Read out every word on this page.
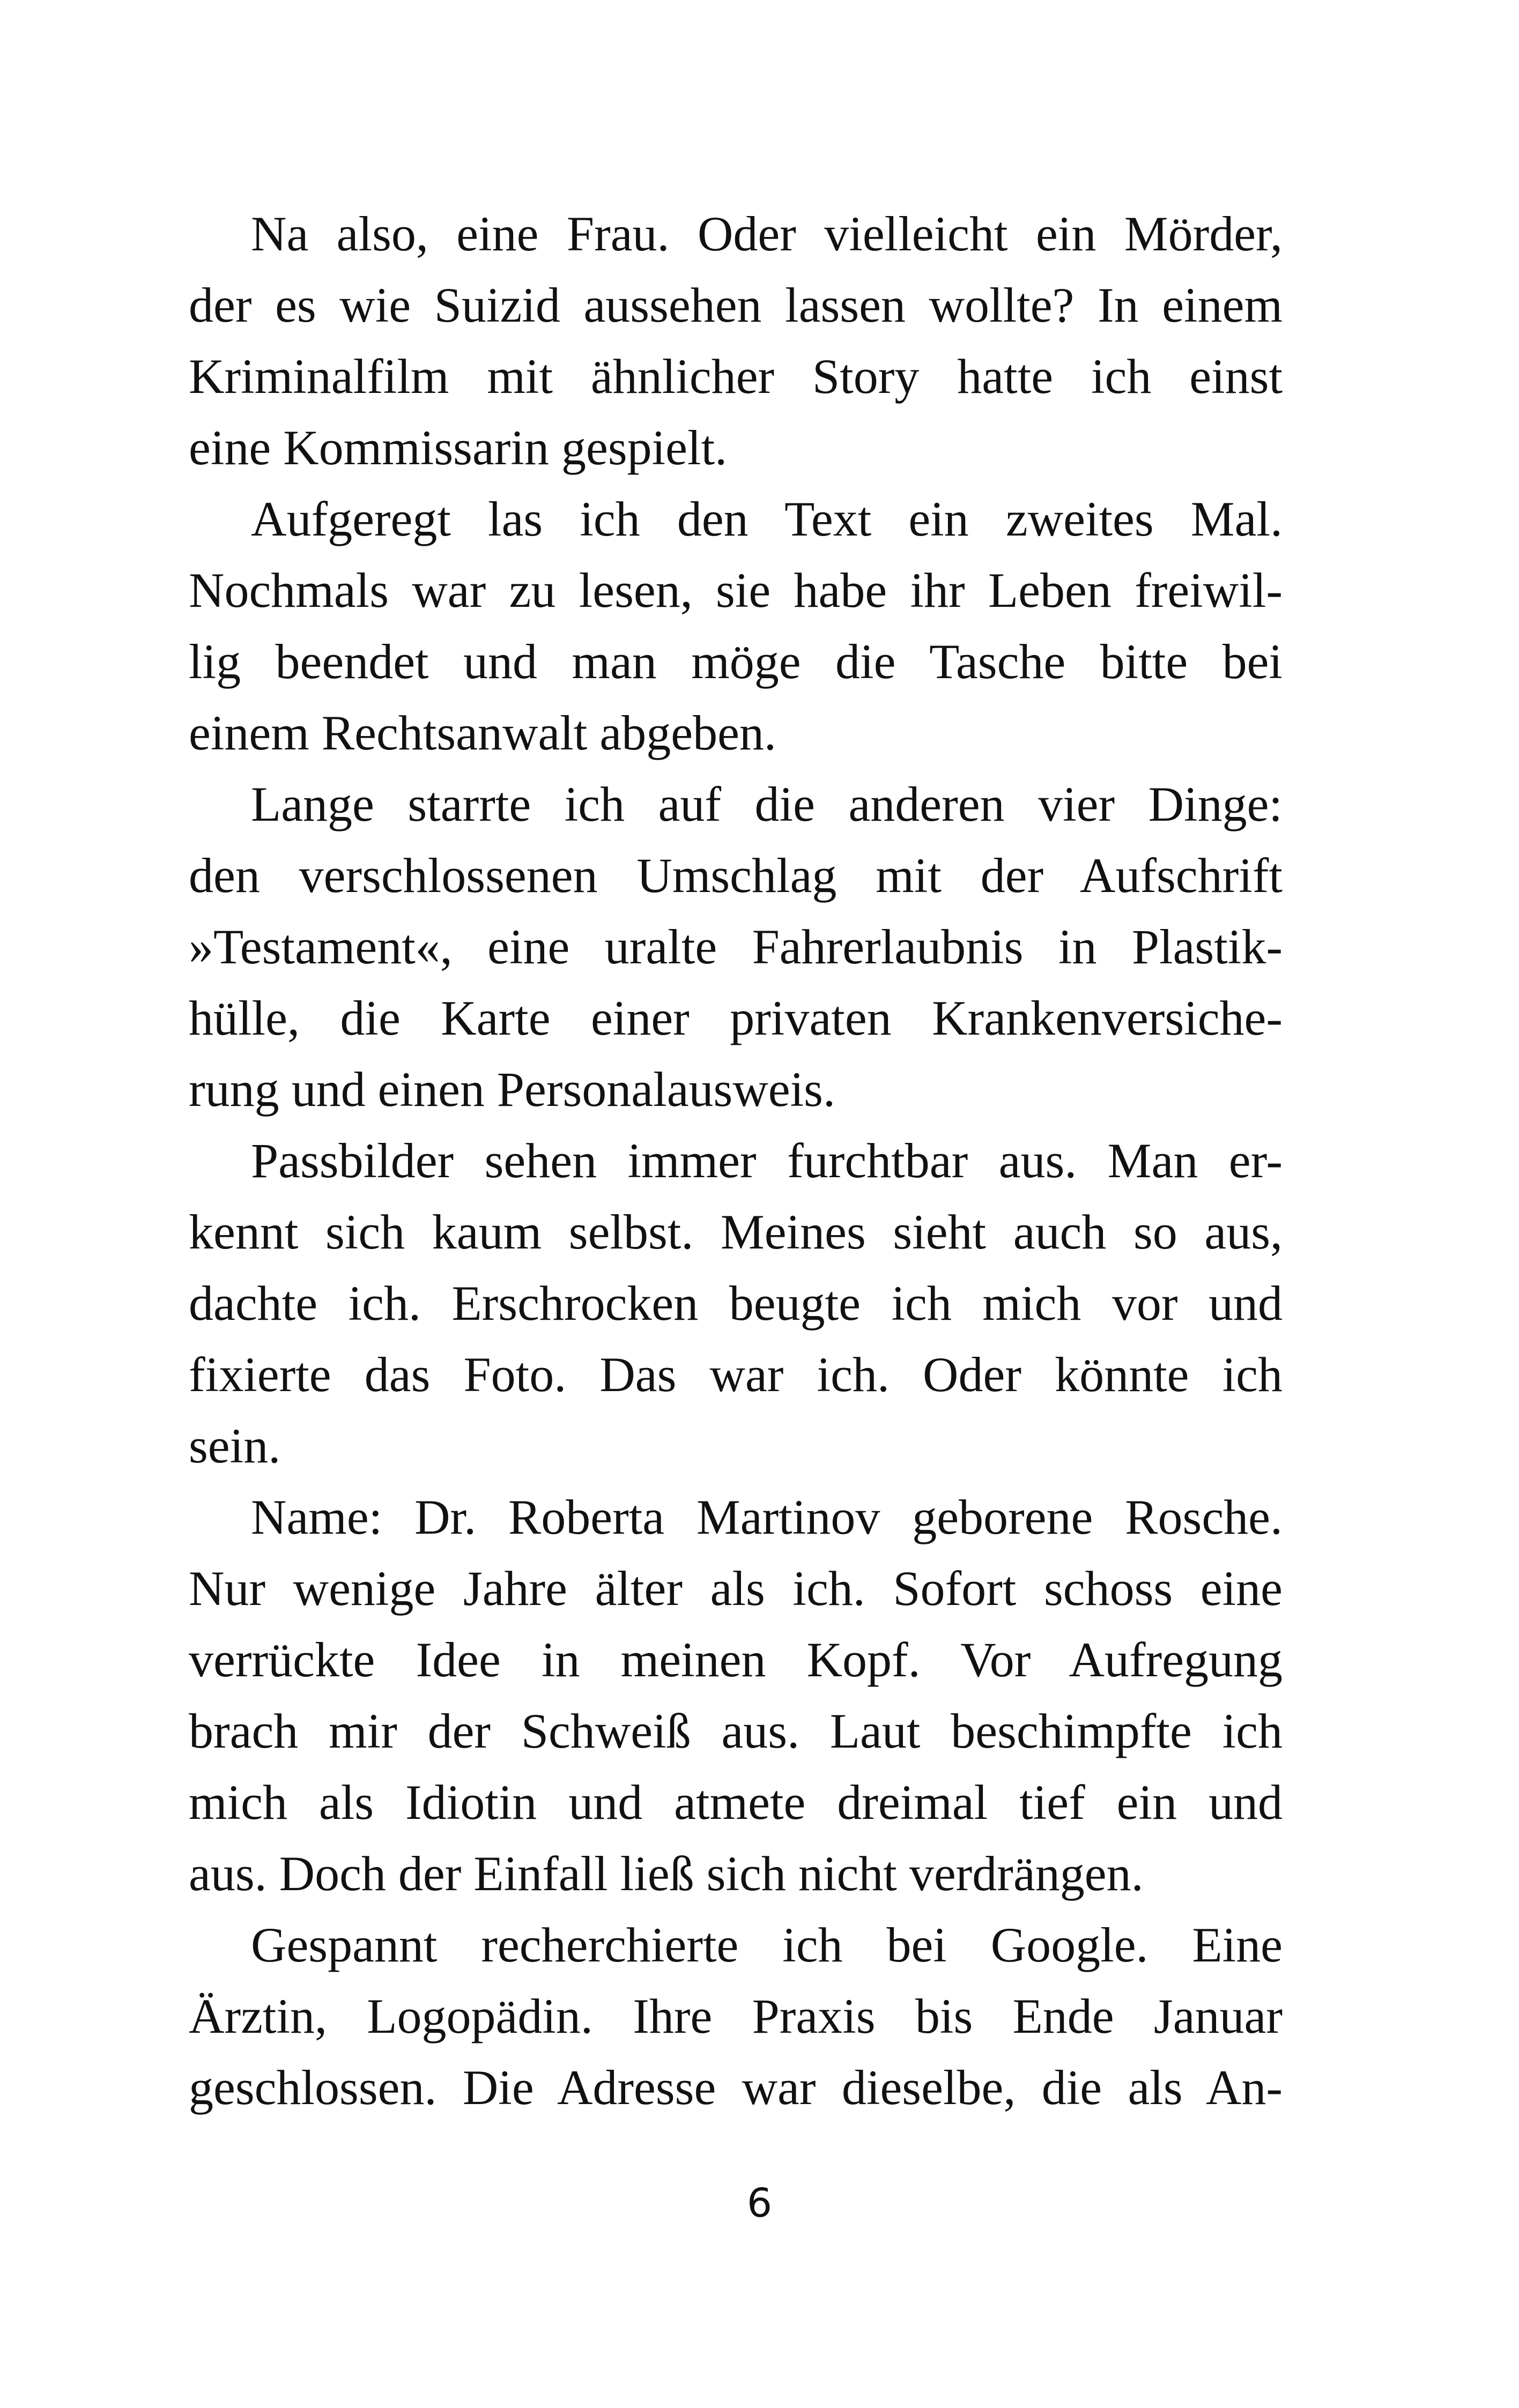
Na also, eine Frau. Oder vielleicht ein Mörder,
der es wie Suizid aussehen lassen wollte? In einem
Kriminalfilm mit ähnlicher Story hatte ich einst
eine Kommissarin gespielt.
Aufgeregt las ich den Text ein zweites Mal.
Nochmals war zu lesen, sie habe ihr Leben freiwil-
lig beendet und man möge die Tasche bitte bei
einem Rechtsanwalt abgeben.
Lange starrte ich auf die anderen vier Dinge:
den verschlossenen Umschlag mit der Aufschrift
»Testament«, eine uralte Fahrerlaubnis in Plastik-
hülle, die Karte einer privaten Krankenversiche-
rung und einen Personalausweis.
Passbilder sehen immer furchtbar aus. Man er-
kennt sich kaum selbst. Meines sieht auch so aus,
dachte ich. Erschrocken beugte ich mich vor und
fixierte das Foto. Das war ich. Oder könnte ich
sein.
Name: Dr. Roberta Martinov geborene Rosche.
Nur wenige Jahre älter als ich. Sofort schoss eine
verrückte Idee in meinen Kopf. Vor Aufregung
brach mir der Schweiß aus. Laut beschimpfte ich
mich als Idiotin und atmete dreimal tief ein und
aus. Doch der Einfall ließ sich nicht verdrängen.
Gespannt recherchierte ich bei Google. Eine
Ärztin, Logopädin. Ihre Praxis bis Ende Januar
geschlossen. Die Adresse war dieselbe, die als An-
6
